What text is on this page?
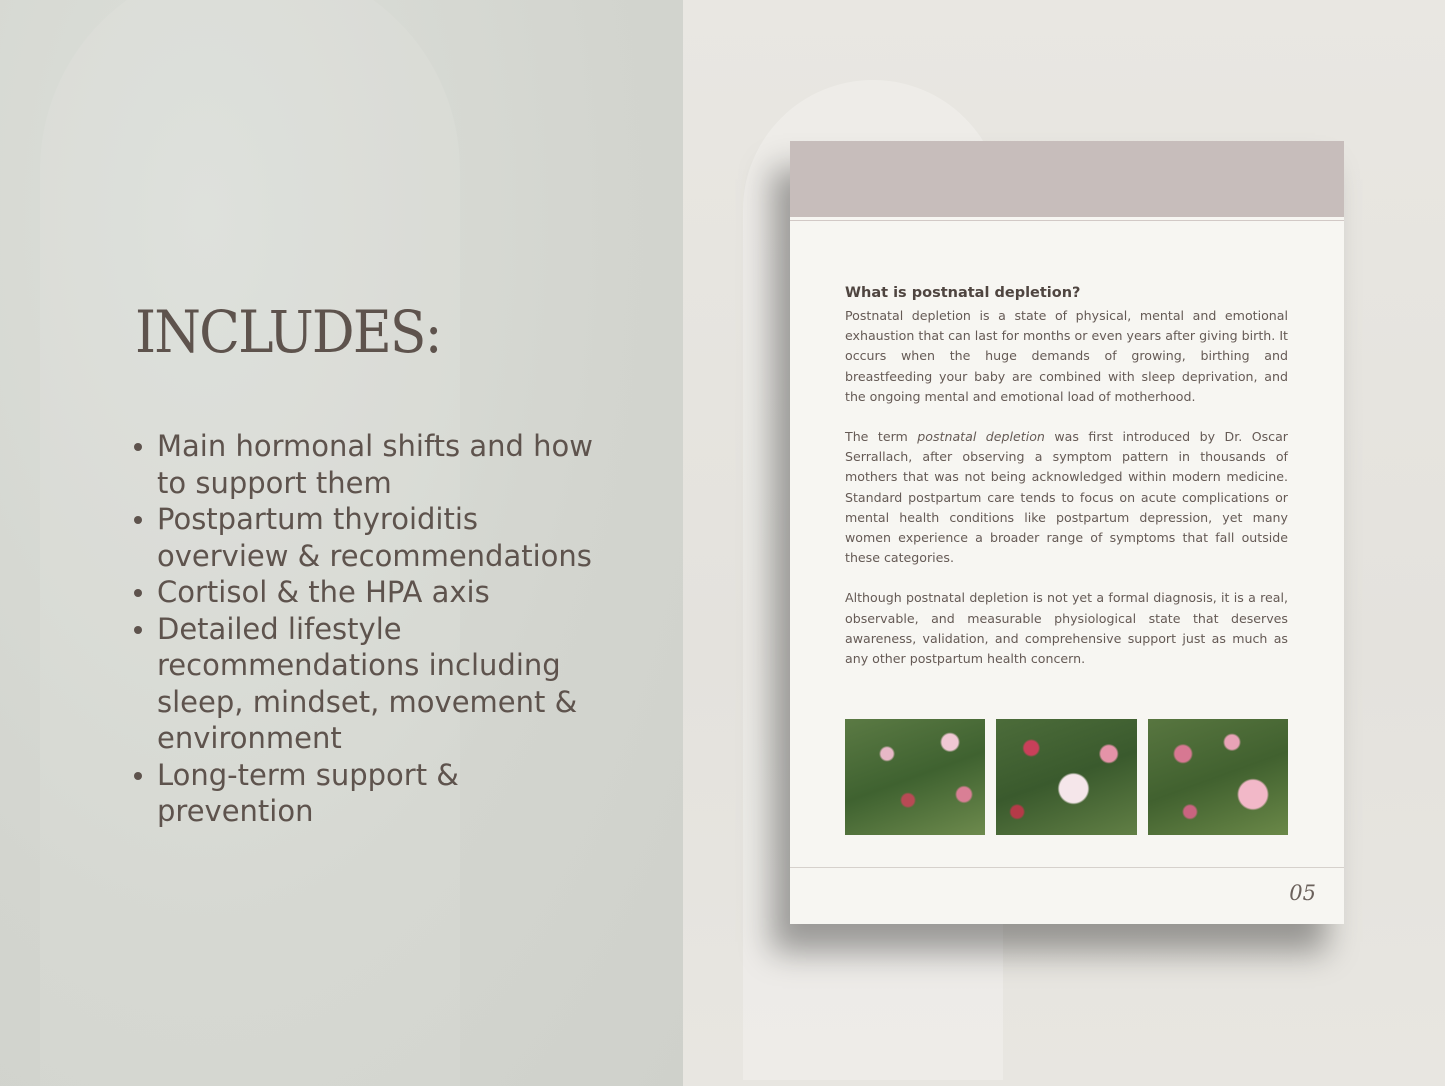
INCLUDES:
Main hormonal shifts and how to support them
Postpartum thyroiditis overview & recommendations
Cortisol & the HPA axis
Detailed lifestyle recommendations including sleep, mindset, movement & environment
Long-term support & prevention
What is postnatal depletion?

Postnatal depletion is a state of physical, mental and emotional exhaustion that can last for months or even years after giving birth. It occurs when the huge demands of growing, birthing and breastfeeding your baby are combined with sleep deprivation, and the ongoing mental and emotional load of motherhood.

The term postnatal depletion was first introduced by Dr. Oscar Serrallach, after observing a symptom pattern in thousands of mothers that was not being acknowledged within modern medicine. Standard postpartum care tends to focus on acute complications or mental health conditions like postpartum depression, yet many women experience a broader range of symptoms that fall outside these categories.

Although postnatal depletion is not yet a formal diagnosis, it is a real, observable, and measurable physiological state that deserves awareness, validation, and comprehensive support just as much as any other postpartum health concern.

05
